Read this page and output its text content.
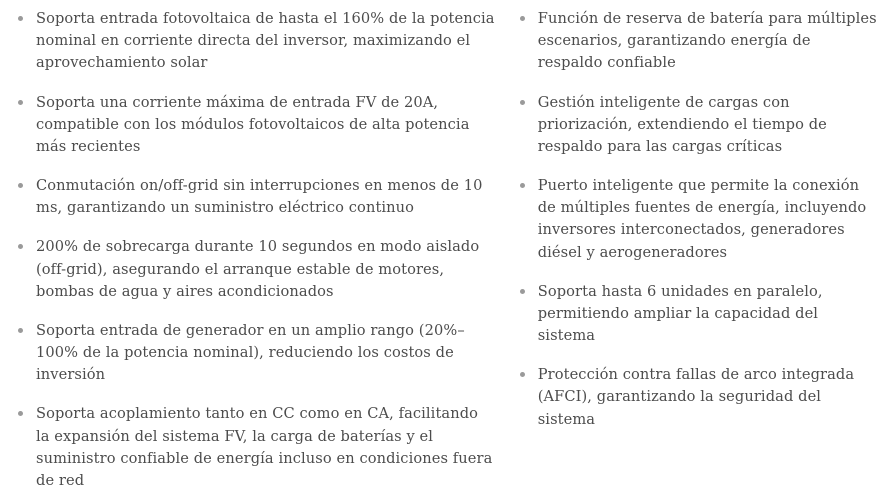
Soporta entrada fotovoltaica de hasta el 160% de la potencia nominal en corriente directa del inversor, maximizando el aprovechamiento solar
Soporta una corriente máxima de entrada FV de 20A, compatible con los módulos fotovoltaicos de alta potencia más recientes
Conmutación on/off-grid sin interrupciones en menos de 10 ms, garantizando un suministro eléctrico continuo
200% de sobrecarga durante 10 segundos en modo aislado (off-grid), asegurando el arranque estable de motores, bombas de agua y aires acondicionados
Soporta entrada de generador en un amplio rango (20%–100% de la potencia nominal), reduciendo los costos de inversión
Soporta acoplamiento tanto en CC como en CA, facilitando la expansión del sistema FV, la carga de baterías y el suministro confiable de energía incluso en condiciones fuera de red
Función de reserva de batería para múltiples escenarios, garantizando energía de respaldo confiable
Gestión inteligente de cargas con priorización, extendiendo el tiempo de respaldo para las cargas críticas
Puerto inteligente que permite la conexión de múltiples fuentes de energía, incluyendo inversores interconectados, generadores diésel y aerogeneradores
Soporta hasta 6 unidades en paralelo, permitiendo ampliar la capacidad del sistema
Protección contra fallas de arco integrada (AFCI), garantizando la seguridad del sistema
